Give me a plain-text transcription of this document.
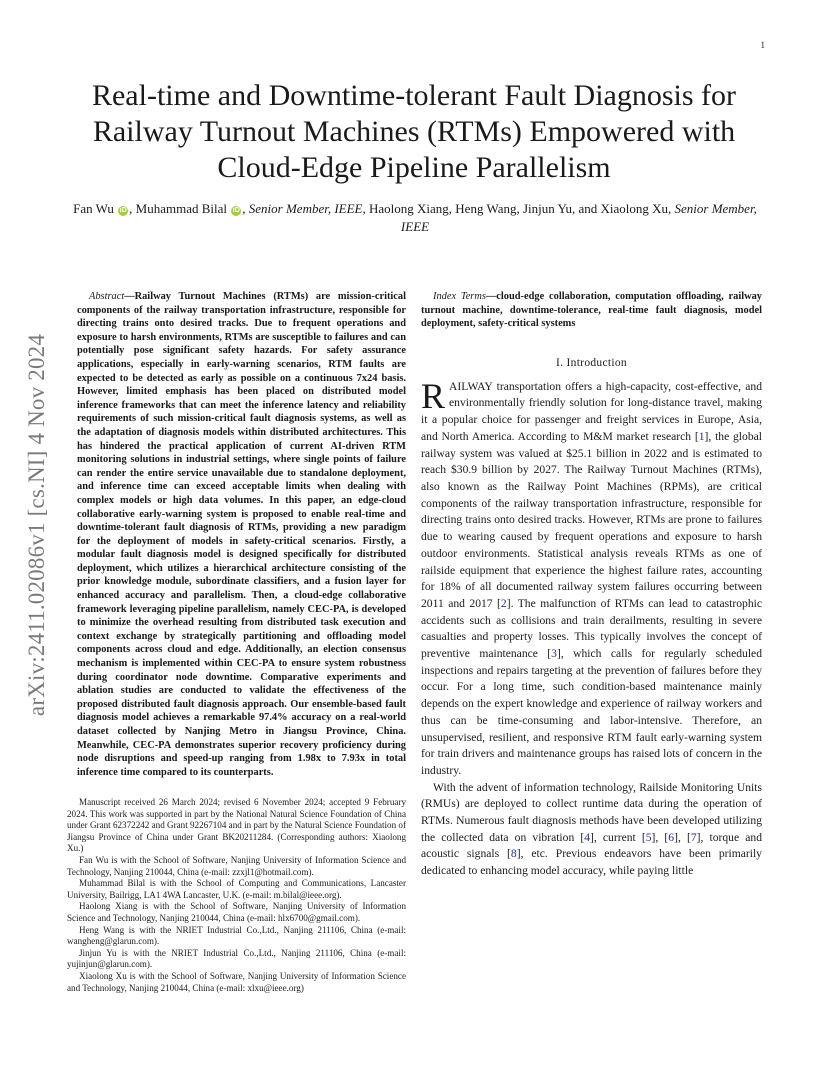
1
arXiv:2411.02086v1 [cs.NI] 4 Nov 2024
Real-time and Downtime-tolerant Fault Diagnosis for Railway Turnout Machines (RTMs) Empowered with Cloud-Edge Pipeline Parallelism
Fan Wu iD , Muhammad Bilal iD , Senior Member, IEEE, Haolong Xiang, Heng Wang, Jinjun Yu, and Xiaolong Xu, Senior Member, IEEE

Abstract—Railway Turnout Machines (RTMs) are mission-critical components of the railway transportation infrastructure, responsible for directing trains onto desired tracks. Due to frequent operations and exposure to harsh environments, RTMs are susceptible to failures and can potentially pose significant safety hazards. For safety assurance applications, especially in early-warning scenarios, RTM faults are expected to be detected as early as possible on a continuous 7x24 basis. However, limited emphasis has been placed on distributed model inference frameworks that can meet the inference latency and reliability requirements of such mission-critical fault diagnosis systems, as well as the adaptation of diagnosis models within distributed architectures. This has hindered the practical application of current AI-driven RTM monitoring solutions in industrial settings, where single points of failure can render the entire service unavailable due to standalone deployment, and inference time can exceed acceptable limits when dealing with complex models or high data volumes. In this paper, an edge-cloud collaborative early-warning system is proposed to enable real-time and downtime-tolerant fault diagnosis of RTMs, providing a new paradigm for the deployment of models in safety-critical scenarios. Firstly, a modular fault diagnosis model is designed specifically for distributed deployment, which utilizes a hierarchical architecture consisting of the prior knowledge module, subordinate classifiers, and a fusion layer for enhanced accuracy and parallelism. Then, a cloud-edge collaborative framework leveraging pipeline parallelism, namely CEC-PA, is developed to minimize the overhead resulting from distributed task execution and context exchange by strategically partitioning and offloading model components across cloud and edge. Additionally, an election consensus mechanism is implemented within CEC-PA to ensure system robustness during coordinator node downtime. Comparative experiments and ablation studies are conducted to validate the effectiveness of the proposed distributed fault diagnosis approach. Our ensemble-based fault diagnosis model achieves a remarkable 97.4% accuracy on a real-world dataset collected by Nanjing Metro in Jiangsu Province, China. Meanwhile, CEC-PA demonstrates superior recovery proficiency during node disruptions and speed-up ranging from 1.98x to 7.93x in total inference time compared to its counterparts.

Manuscript received 26 March 2024; revised 6 November 2024; accepted 9 February 2024. This work was supported in part by the National Natural Science Foundation of China under Grant 62372242 and Grant 92267104 and in part by the Natural Science Foundation of Jiangsu Province of China under Grant BK20211284. (Corresponding authors: Xiaolong Xu.)

Fan Wu is with the School of Software, Nanjing University of Information Science and Technology, Nanjing 210044, China (e-mail: zzxjl1@hotmail.com).

Muhammad Bilal is with the School of Computing and Communications, Lancaster University, Bailrigg, LA1 4WA Lancaster, U.K. (e-mail: m.bilal@ieee.org).

Haolong Xiang is with the School of Software, Nanjing University of Information Science and Technology, Nanjing 210044, China (e-mail: hlx6700@gmail.com).

Heng Wang is with the NRIET Industrial Co.,Ltd., Nanjing 211106, China (e-mail: wangheng@glarun.com).

Jinjun Yu is with the NRIET Industrial Co.,Ltd., Nanjing 211106, China (e-mail: yujinjun@glarun.com).

Xiaolong Xu is with the School of Software, Nanjing University of Information Science and Technology, Nanjing 210044, China (e-mail: xlxu@ieee.org)

Index Terms—cloud-edge collaboration, computation offloading, railway turnout machine, downtime-tolerance, real-time fault diagnosis, model deployment, safety-critical systems

I. Introduction

RAILWAY transportation offers a high-capacity, cost-effective, and environmentally friendly solution for long-distance travel, making it a popular choice for passenger and freight services in Europe, Asia, and North America. According to M&M market research [1], the global railway system was valued at $25.1 billion in 2022 and is estimated to reach $30.9 billion by 2027. The Railway Turnout Machines (RTMs), also known as the Railway Point Machines (RPMs), are critical components of the railway transportation infrastructure, responsible for directing trains onto desired tracks. However, RTMs are prone to failures due to wearing caused by frequent operations and exposure to harsh outdoor environments. Statistical analysis reveals RTMs as one of railside equipment that experience the highest failure rates, accounting for 18% of all documented railway system failures occurring between 2011 and 2017 [2]. The malfunction of RTMs can lead to catastrophic accidents such as collisions and train derailments, resulting in severe casualties and property losses. This typically involves the concept of preventive maintenance [3], which calls for regularly scheduled inspections and repairs targeting at the prevention of failures before they occur. For a long time, such condition-based maintenance mainly depends on the expert knowledge and experience of railway workers and thus can be time-consuming and labor-intensive. Therefore, an unsupervised, resilient, and responsive RTM fault early-warning system for train drivers and maintenance groups has raised lots of concern in the industry.

With the advent of information technology, Railside Monitoring Units (RMUs) are deployed to collect runtime data during the operation of RTMs. Numerous fault diagnosis methods have been developed utilizing the collected data on vibration [4], current [5], [6], [7], torque and acoustic signals [8], etc. Previous endeavors have been primarily dedicated to enhancing model accuracy, while paying little
